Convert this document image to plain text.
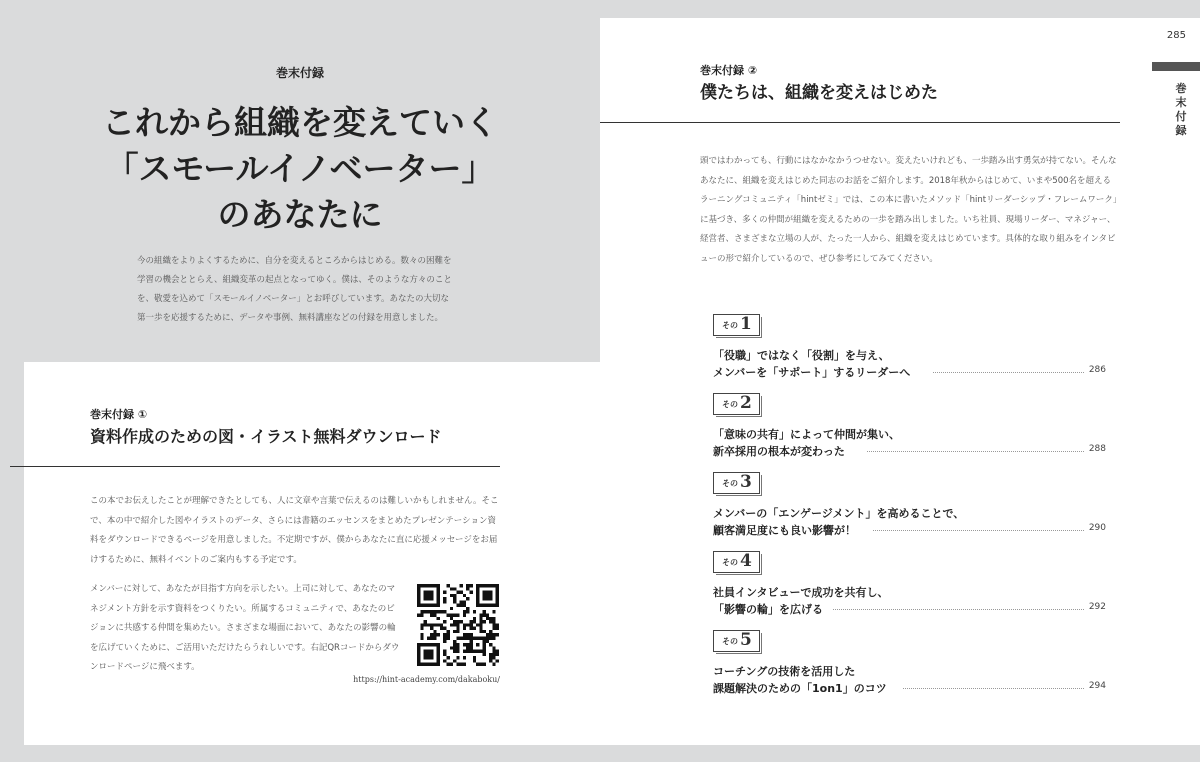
巻末付録
これから組織を変えていく
「スモールイノベーター」
のあなたに
今の組織をよりよくするために、自分を変えるところからはじめる。数々の困難を学習の機会ととらえ、組織変革の起点となってゆく。僕は、そのような方々のことを、敬愛を込めて「スモールイノベーター」とお呼びしています。あなたの大切な第一歩を応援するために、データや事例、無料講座などの付録を用意しました。
285
巻末付録
巻末付録 ②
僕たちは、組織を変えはじめた
頭ではわかっても、行動にはなかなかうつせない。変えたいけれども、一歩踏み出す勇気が持てない。そんなあなたに、組織を変えはじめた同志のお話をご紹介します。2018年秋からはじめて、いまや500名を超えるラーニングコミュニティ「hintゼミ」では、この本に書いたメソッド「hintリーダーシップ・フレームワーク」に基づき、多くの仲間が組織を変えるための一歩を踏み出しました。いち社員、現場リーダー、マネジャー、経営者、さまざまな立場の人が、たった一人から、組織を変えはじめています。具体的な取り組みをインタビューの形で紹介しているので、ぜひ参考にしてみてください。
その 1
「役職」ではなく「役割」を与え、
メンバーを「サポート」するリーダーへ	286
その 2
「意味の共有」によって仲間が集い、
新卒採用の根本が変わった	288
その 3
メンバーの「エンゲージメント」を高めることで、
顧客満足度にも良い影響が！	290
その 4
社員インタビューで成功を共有し、
「影響の輪」を広げる	292
その 5
コーチングの技術を活用した
課題解決のための「1on1」のコツ	294
巻末付録 ①
資料作成のための図・イラスト無料ダウンロード
この本でお伝えしたことが理解できたとしても、人に文章や言葉で伝えるのは難しいかもしれません。そこで、本の中で紹介した図やイラストのデータ、さらには書籍のエッセンスをまとめたプレゼンテーション資料をダウンロードできるページを用意しました。不定期ですが、僕からあなたに直に応援メッセージをお届けするために、無料イベントのご案内もする予定です。
メンバーに対して、あなたが目指す方向を示したい。上司に対して、あなたのマネジメント方針を示す資料をつくりたい。所属するコミュニティで、あなたのビジョンに共感する仲間を集めたい。さまざまな場面において、あなたの影響の輪を広げていくために、ご活用いただけたらうれしいです。右記QRコードからダウンロードページに飛べます。
https://hint-academy.com/dakaboku/
